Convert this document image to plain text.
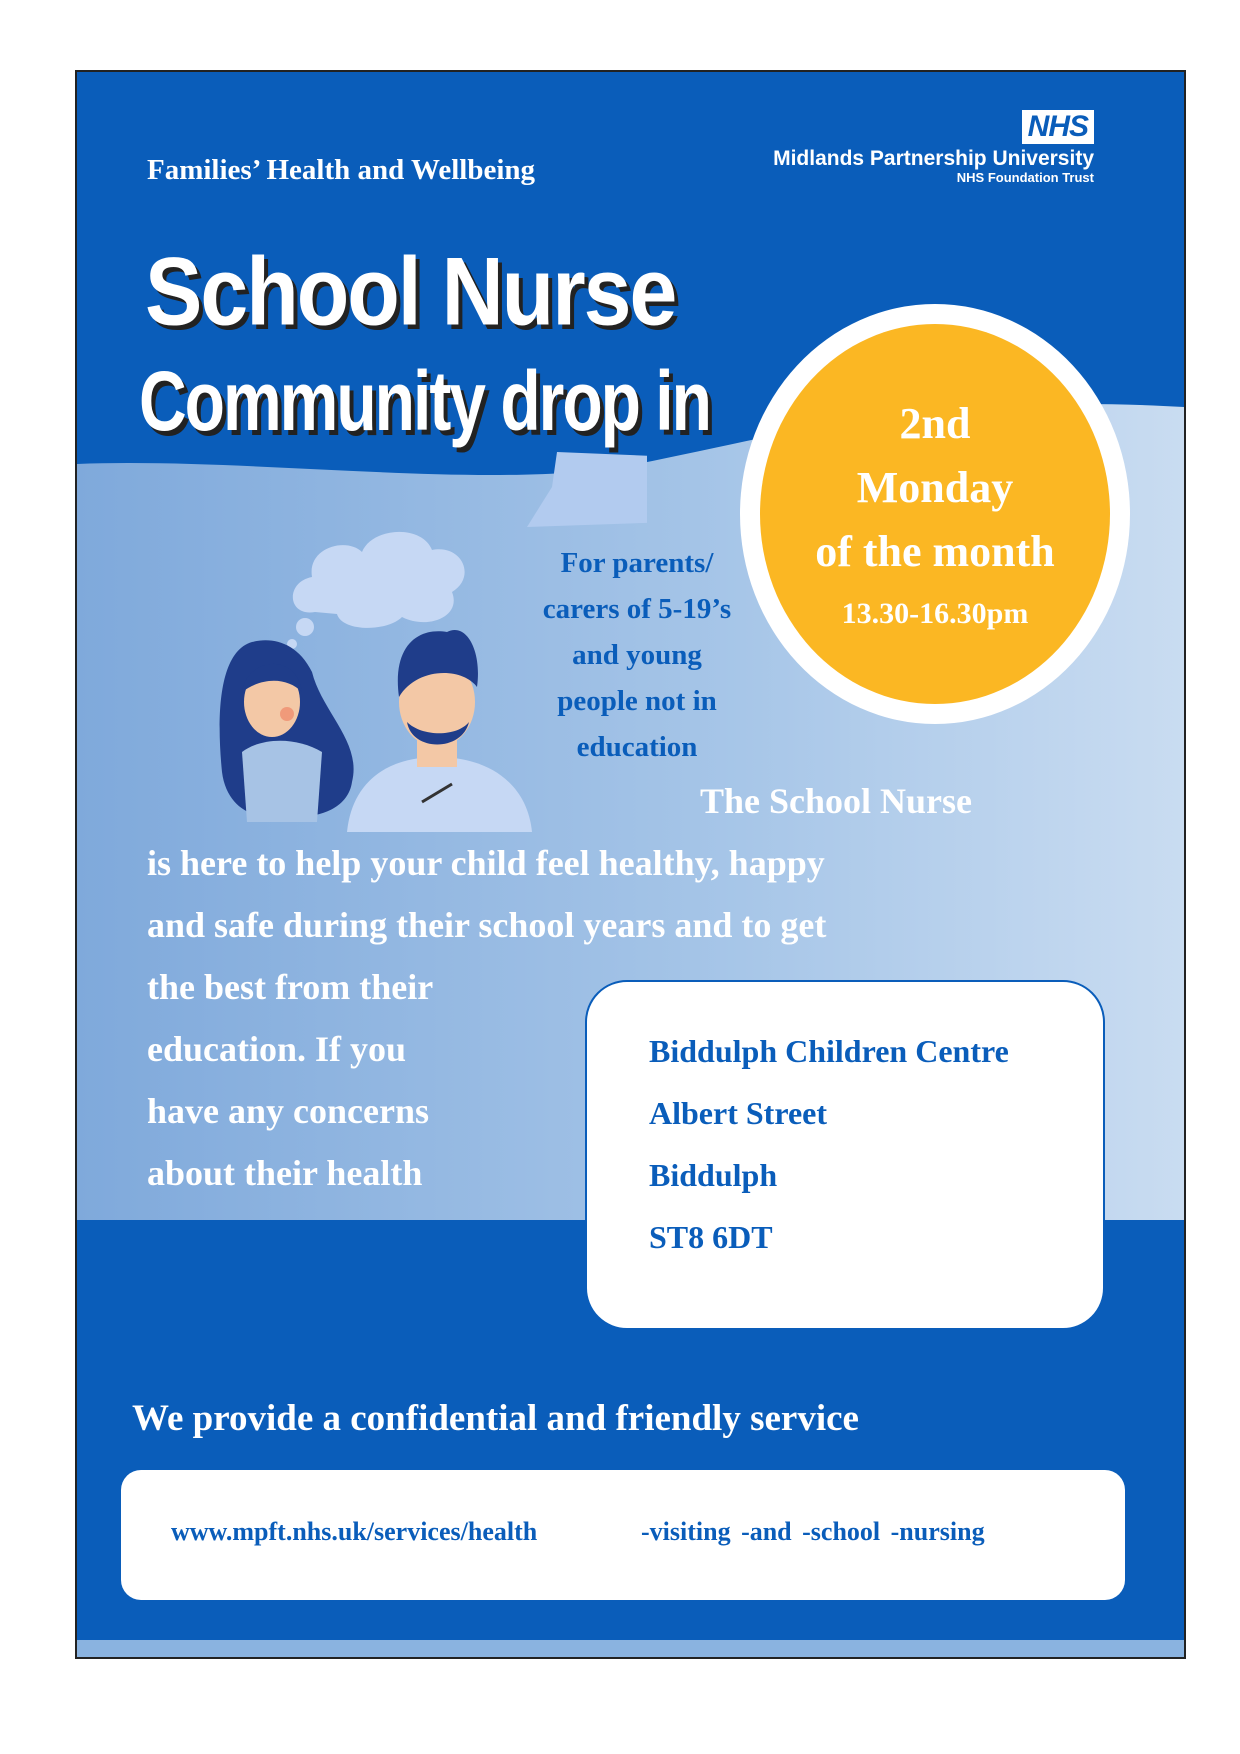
Families’ Health and Wellbeing
NHS
Midlands Partnership University
NHS Foundation Trust
School Nurse
Community drop in
For parents/
carers of 5-19’s
and young
people not in
education
2nd
Monday
of the month
13.30-16.30pm
The School Nurse
is here to help your child feel healthy, happy
and safe during their school years and to get
the best from their
education. If you
have any concerns
about their health
Biddulph Children Centre
Albert Street
Biddulph
ST8 6DT
We provide a confidential and friendly service
www.mpft.nhs.uk/services/health	-visiting -and -school -nursing
